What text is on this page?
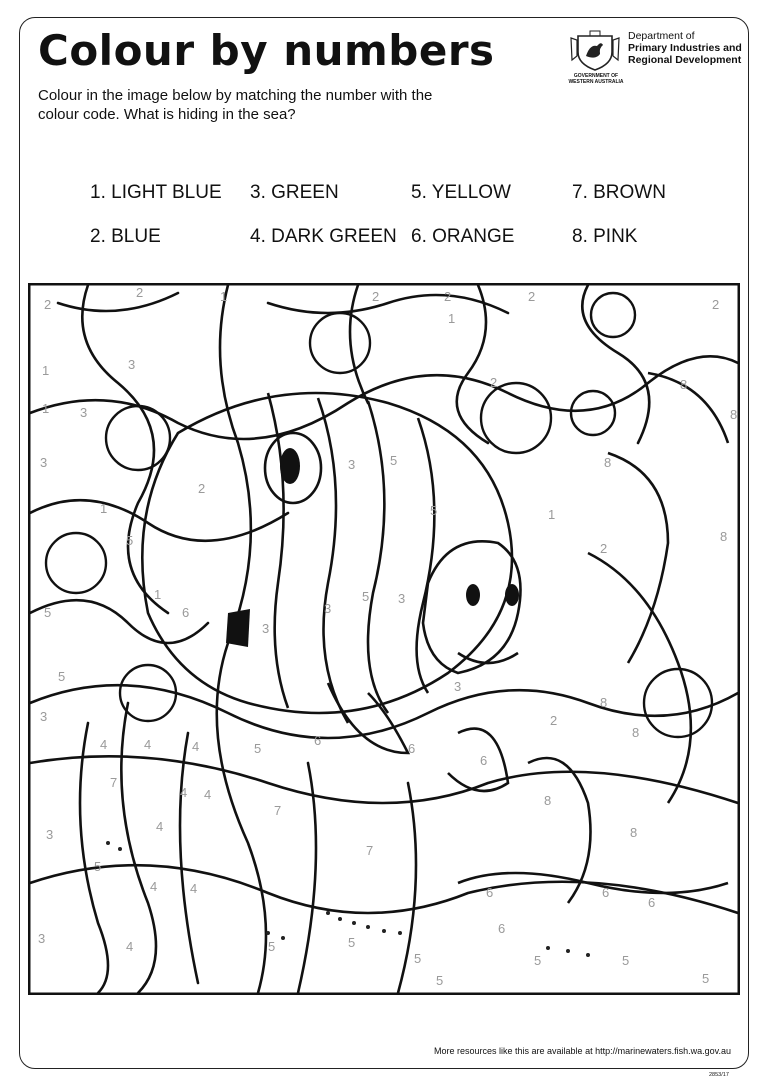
Colour by numbers
Colour in the image below by matching the number with the colour code. What is hiding in the sea?
GOVERNMENT OF
WESTERN AUSTRALIA
Department of
Primary Industries and
Regional Development
1. LIGHT BLUE
2. BLUE
3. GREEN
4. DARK GREEN
5. YELLOW
6. ORANGE
7. BROWN
8. PINK
2
2	1	2	2	2
2
1	3
1
2	8
8
1 3
3
1
5
2
3	5
5	1
2
8
8
5
1
6
3
3
5 3
3
2
8
8
5
3
4	4	4	5
6
6
6
7
4 4
7
3
4
7
8
8
5
4	4	6	6
6
3
4	5	5
6
5	5	5
5	5
More resources like this are available at http://marinewaters.fish.wa.gov.au
2853/17
